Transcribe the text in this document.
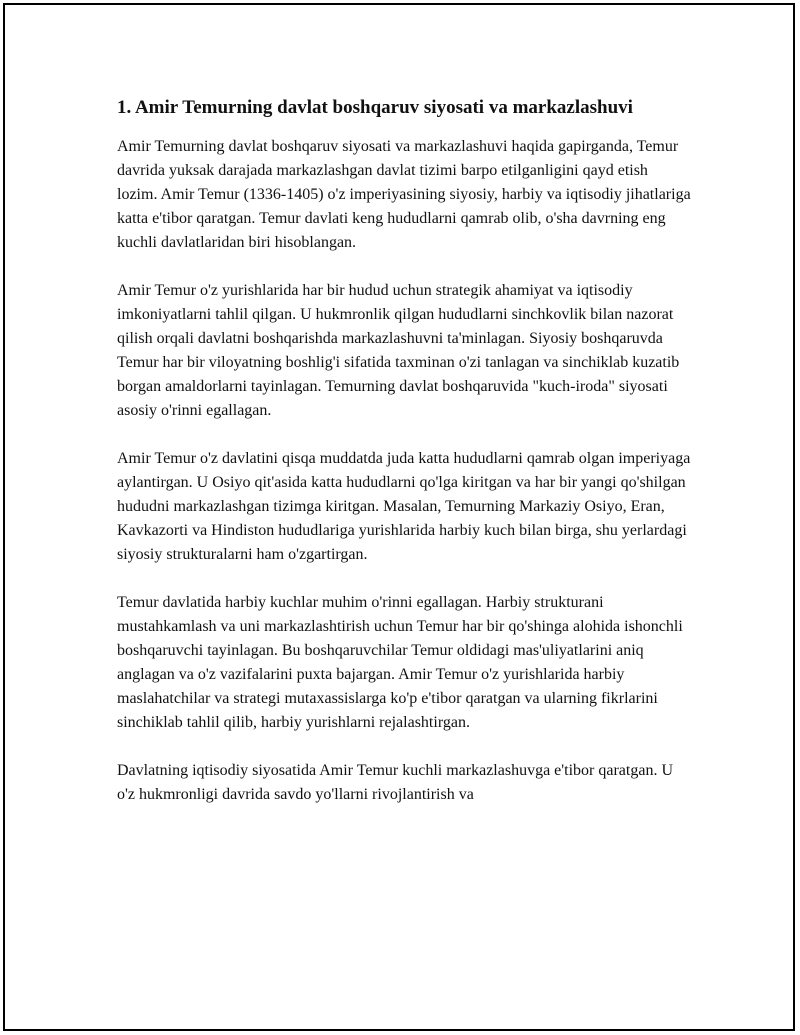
1. Amir Temurning davlat boshqaruv siyosati va markazlashuvi

Amir Temurning davlat boshqaruv siyosati va markazlashuvi haqida gapirganda, Temur davrida yuksak darajada markazlashgan davlat tizimi barpo etilganligini qayd etish lozim. Amir Temur (1336-1405) o'z imperiyasining siyosiy, harbiy va iqtisodiy jihatlariga katta e'tibor qaratgan. Temur davlati keng hududlarni qamrab olib, o'sha davrning eng kuchli davlatlaridan biri hisoblangan.

Amir Temur o'z yurishlarida har bir hudud uchun strategik ahamiyat va iqtisodiy imkoniyatlarni tahlil qilgan. U hukmronlik qilgan hududlarni sinchkovlik bilan nazorat qilish orqali davlatni boshqarishda markazlashuvni ta'minlagan. Siyosiy boshqaruvda Temur har bir viloyatning boshlig'i sifatida taxminan o'zi tanlagan va sinchiklab kuzatib borgan amaldorlarni tayinlagan. Temurning davlat boshqaruvida "kuch-iroda" siyosati asosiy o'rinni egallagan.

Amir Temur o'z davlatini qisqa muddatda juda katta hududlarni qamrab olgan imperiyaga aylantirgan. U Osiyo qit'asida katta hududlarni qo'lga kiritgan va har bir yangi qo'shilgan hududni markazlashgan tizimga kiritgan. Masalan, Temurning Markaziy Osiyo, Eran, Kavkazorti va Hindiston hududlariga yurishlarida harbiy kuch bilan birga, shu yerlardagi siyosiy strukturalarni ham o'zgartirgan.

Temur davlatida harbiy kuchlar muhim o'rinni egallagan. Harbiy strukturani mustahkamlash va uni markazlashtirish uchun Temur har bir qo'shinga alohida ishonchli boshqaruvchi tayinlagan. Bu boshqaruvchilar Temur oldidagi mas'uliyatlarini aniq anglagan va o'z vazifalarini puxta bajargan. Amir Temur o'z yurishlarida harbiy maslahatchilar va strategi mutaxassislarga ko'p e'tibor qaratgan va ularning fikrlarini sinchiklab tahlil qilib, harbiy yurishlarni rejalashtirgan.

Davlatning iqtisodiy siyosatida Amir Temur kuchli markazlashuvga e'tibor qaratgan. U o'z hukmronligi davrida savdo yo'llarni rivojlantirish va
